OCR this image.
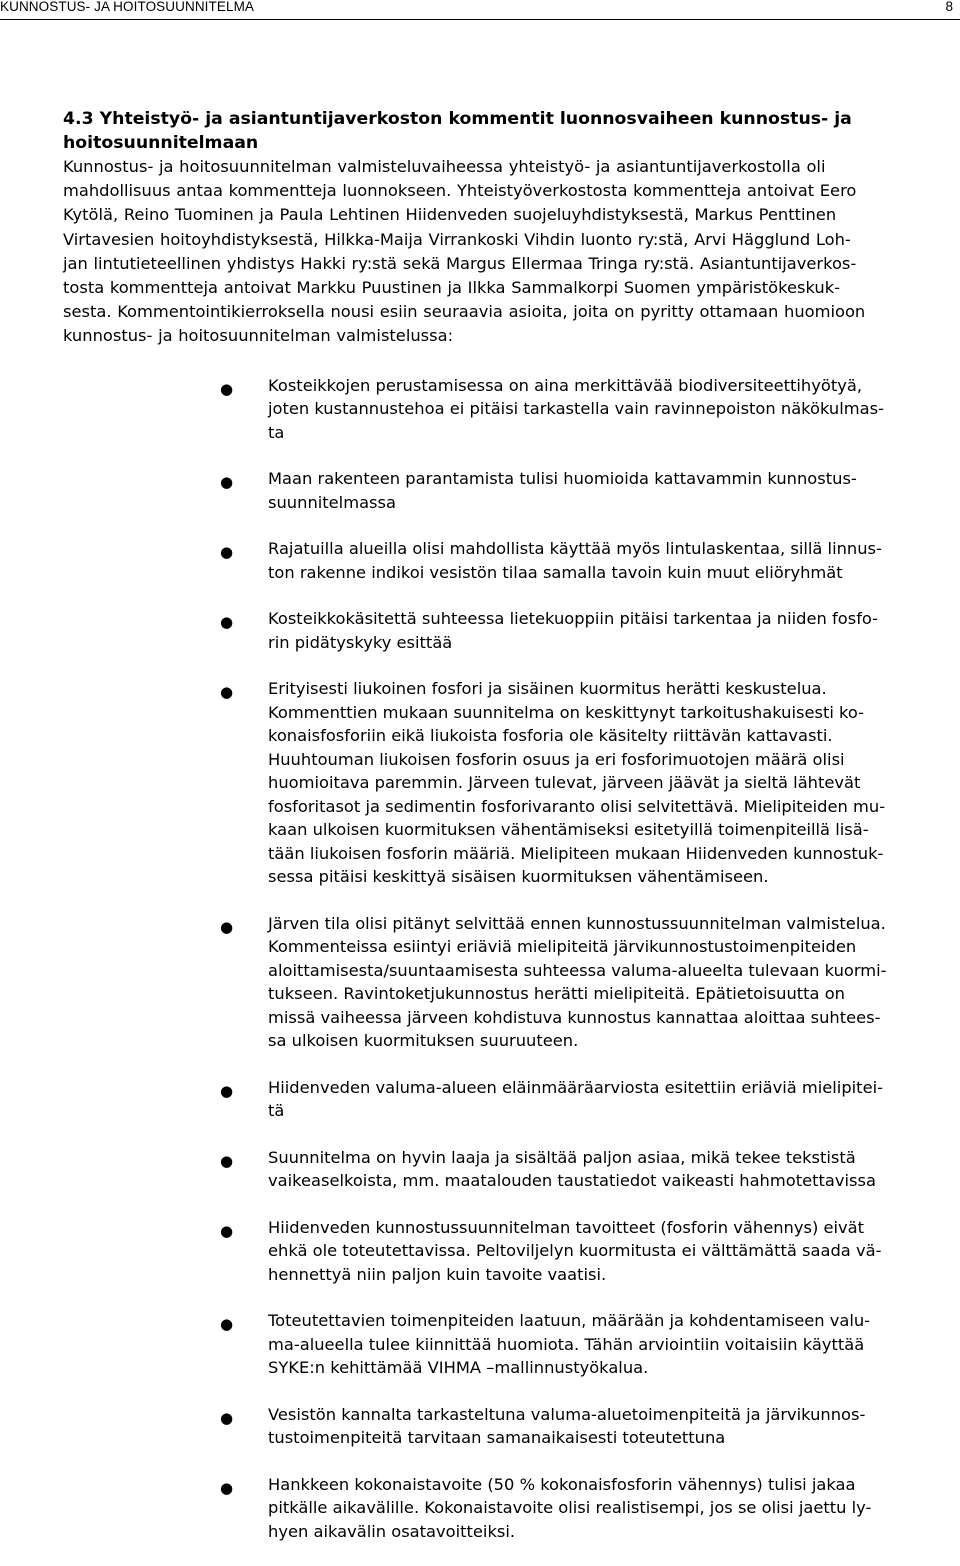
KUNNOSTUS- JA HOITOSUUNNITELMA	8
4.3 Yhteistyö- ja asiantuntijaverkoston kommentit luonnosvaiheen kunnostus- ja
hoitosuunnitelmaan

Kunnostus- ja hoitosuunnitelman valmisteluvaiheessa yhteistyö- ja asiantuntijaverkostolla oli
mahdollisuus antaa kommentteja luonnokseen. Yhteistyöverkostosta kommentteja antoivat Eero
Kytölä, Reino Tuominen ja Paula Lehtinen Hiidenveden suojeluyhdistyksestä, Markus Penttinen
Virtavesien hoitoyhdistyksestä, Hilkka-Maija Virrankoski Vihdin luonto ry:stä, Arvi Hägglund Loh-
jan lintutieteellinen yhdistys Hakki ry:stä sekä Margus Ellermaa Tringa ry:stä. Asiantuntijaverkos-
tosta kommentteja antoivat Markku Puustinen ja Ilkka Sammalkorpi Suomen ympäristökeskuk-
sesta. Kommentointikierroksella nousi esiin seuraavia asioita, joita on pyritty ottamaan huomioon
kunnostus- ja hoitosuunnitelman valmistelussa:

● Kosteikkojen perustamisessa on aina merkittävää biodiversiteettihyötyä,
joten kustannustehoa ei pitäisi tarkastella vain ravinnepoiston näkökulmas-
ta
● Maan rakenteen parantamista tulisi huomioida kattavammin kunnostus-
suunnitelmassa
● Rajatuilla alueilla olisi mahdollista käyttää myös lintulaskentaa, sillä linnus-
ton rakenne indikoi vesistön tilaa samalla tavoin kuin muut eliöryhmät
● Kosteikkokäsitettä suhteessa lietekuoppiin pitäisi tarkentaa ja niiden fosfo-
rin pidätyskyky esittää
● Erityisesti liukoinen fosfori ja sisäinen kuormitus herätti keskustelua.
Kommenttien mukaan suunnitelma on keskittynyt tarkoitushakuisesti ko-
konaisfosforiin eikä liukoista fosforia ole käsitelty riittävän kattavasti.
Huuhtouman liukoisen fosforin osuus ja eri fosforimuotojen määrä olisi
huomioitava paremmin. Järveen tulevat, järveen jäävät ja sieltä lähtevät
fosforitasot ja sedimentin fosforivaranto olisi selvitettävä. Mielipiteiden mu-
kaan ulkoisen kuormituksen vähentämiseksi esitetyillä toimenpiteillä lisä-
tään liukoisen fosforin määriä. Mielipiteen mukaan Hiidenveden kunnostuk-
sessa pitäisi keskittyä sisäisen kuormituksen vähentämiseen.
● Järven tila olisi pitänyt selvittää ennen kunnostussuunnitelman valmistelua.
Kommenteissa esiintyi eriäviä mielipiteitä järvikunnostustoimenpiteiden
aloittamisesta/suuntaamisesta suhteessa valuma-alueelta tulevaan kuormi-
tukseen. Ravintoketjukunnostus herätti mielipiteitä. Epätietoisuutta on
missä vaiheessa järveen kohdistuva kunnostus kannattaa aloittaa suhtees-
sa ulkoisen kuormituksen suuruuteen.
● Hiidenveden valuma-alueen eläinmääräarviosta esitettiin eriäviä mielipitei-
tä
● Suunnitelma on hyvin laaja ja sisältää paljon asiaa, mikä tekee tekstistä
vaikeaselkoista, mm. maatalouden taustatiedot vaikeasti hahmotettavissa
● Hiidenveden kunnostussuunnitelman tavoitteet (fosforin vähennys) eivät
ehkä ole toteutettavissa. Peltoviljelyn kuormitusta ei välttämättä saada vä-
hennettyä niin paljon kuin tavoite vaatisi.
● Toteutettavien toimenpiteiden laatuun, määrään ja kohdentamiseen valu-
ma-alueella tulee kiinnittää huomiota. Tähän arviointiin voitaisiin käyttää
SYKE:n kehittämää VIHMA –mallinnustyökalua.
● Vesistön kannalta tarkasteltuna valuma-aluetoimenpiteitä ja järvikunnos-
tustoimenpiteitä tarvitaan samanaikaisesti toteutettuna
● Hankkeen kokonaistavoite (50 % kokonaisfosforin vähennys) tulisi jakaa
pitkälle aikavälille. Kokonaistavoite olisi realistisempi, jos se olisi jaettu ly-
hyen aikavälin osatavoitteiksi.
